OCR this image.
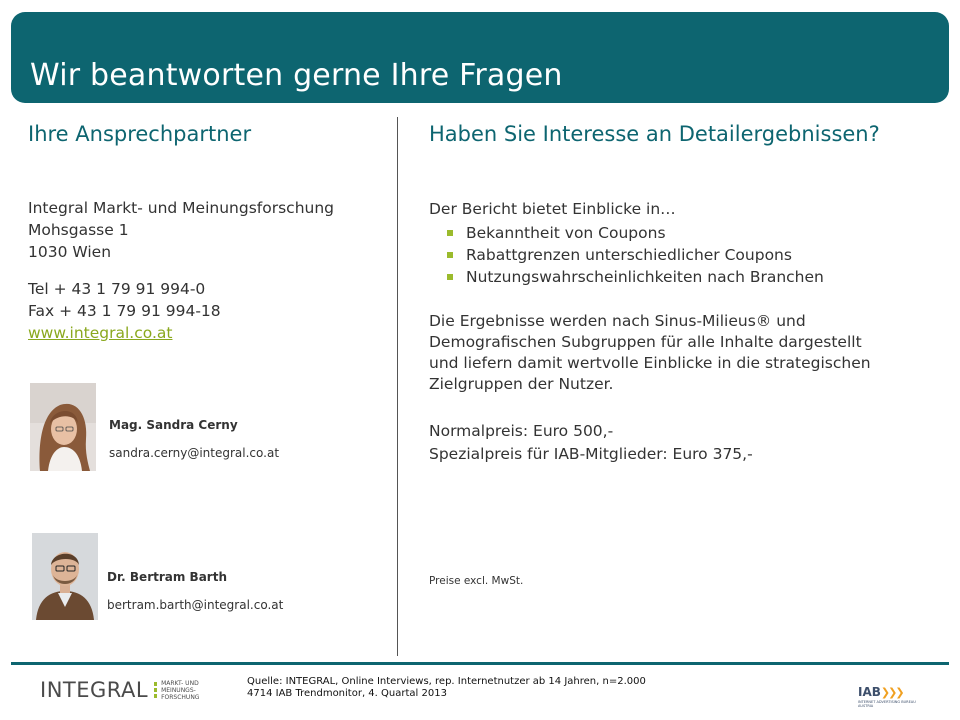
Wir beantworten gerne Ihre Fragen
Ihre Ansprechpartner
Integral Markt- und Meinungsforschung
Mohsgasse 1
1030 Wien
Tel + 43 1 79 91 994-0
Fax + 43 1 79 91 994-18
www.integral.co.at
Mag. Sandra Cerny
sandra.cerny@integral.co.at
Dr. Bertram Barth
bertram.barth@integral.co.at
Haben Sie Interesse an Detailergebnissen?
Der Bericht bietet Einblicke in…
Bekanntheit von Coupons
Rabattgrenzen unterschiedlicher Coupons
Nutzungswahrscheinlichkeiten nach Branchen
Die Ergebnisse werden nach Sinus-Milieus® und
Demografischen Subgruppen für alle Inhalte dargestellt
und liefern damit wertvolle Einblicke in die strategischen
Zielgruppen der Nutzer.
Normalpreis: Euro 500,-
Spezialpreis für IAB-Mitglieder: Euro 375,-
Preise excl. MwSt.
INTEGRAL MARKT- UND
MEINUNGS-
FORSCHUNG
Quelle: INTEGRAL, Online Interviews, rep. Internetnutzer ab 14 Jahren, n=2.000
4714 IAB Trendmonitor, 4. Quartal 2013	IAB❯❯❯
INTERNET ADVERTISING BUREAU
AUSTRIA
